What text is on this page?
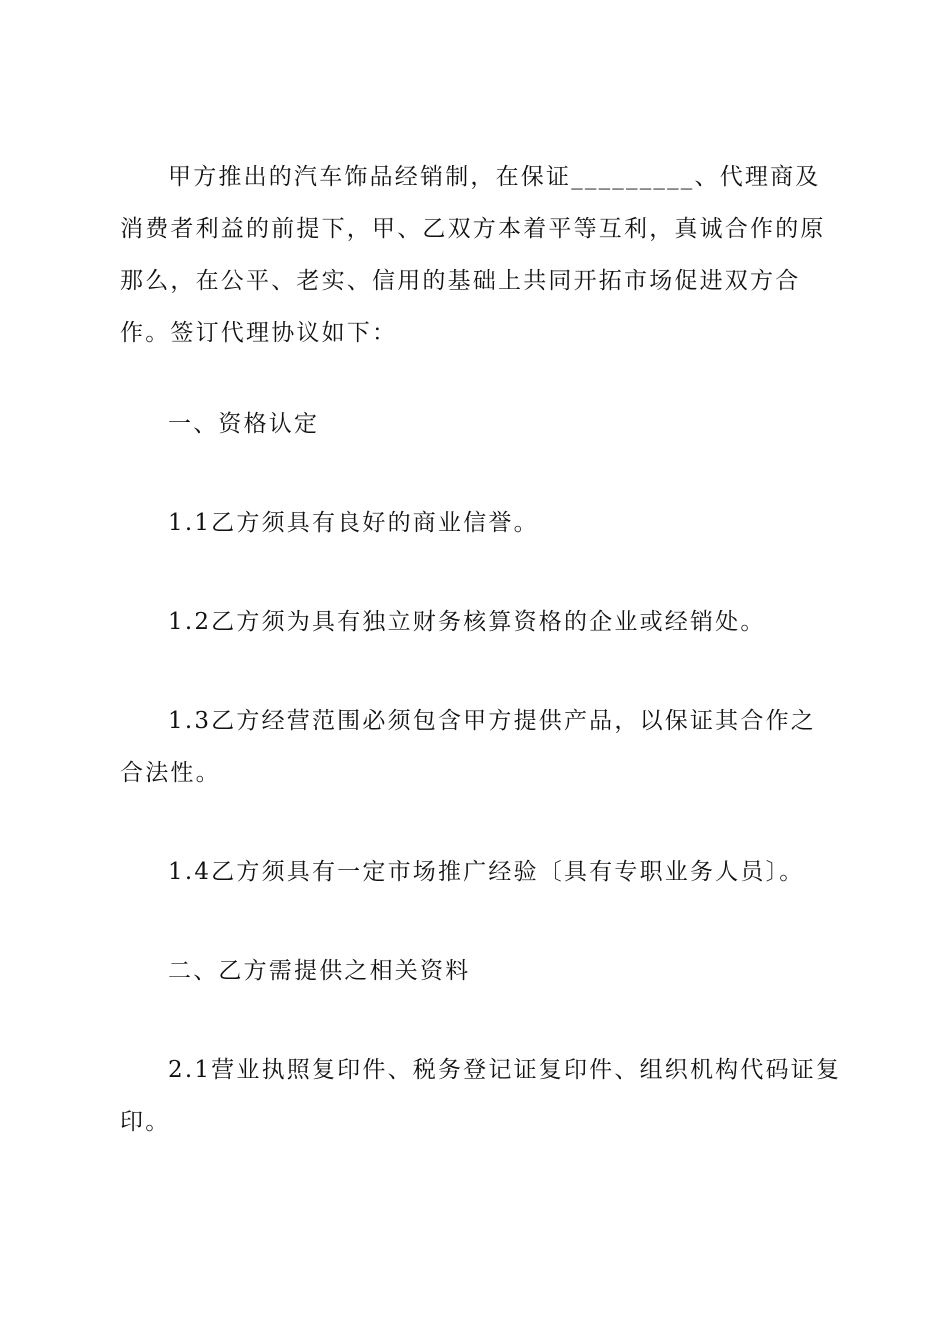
甲方推出的汽车饰品经销制，在保证_________、代理商及消费者利益的前提下，甲、乙双方本着平等互利，真诚合作的原那么，在公平、老实、信用的基础上共同开拓市场促进双方合作。签订代理协议如下：

一、资格认定

1.1乙方须具有良好的商业信誉。

1.2乙方须为具有独立财务核算资格的企业或经销处。

1.3乙方经营范围必须包含甲方提供产品，以保证其合作之合法性。

1.4乙方须具有一定市场推广经验〔具有专职业务人员〕。

二、乙方需提供之相关资料

2.1营业执照复印件、税务登记证复印件、组织机构代码证复印。
